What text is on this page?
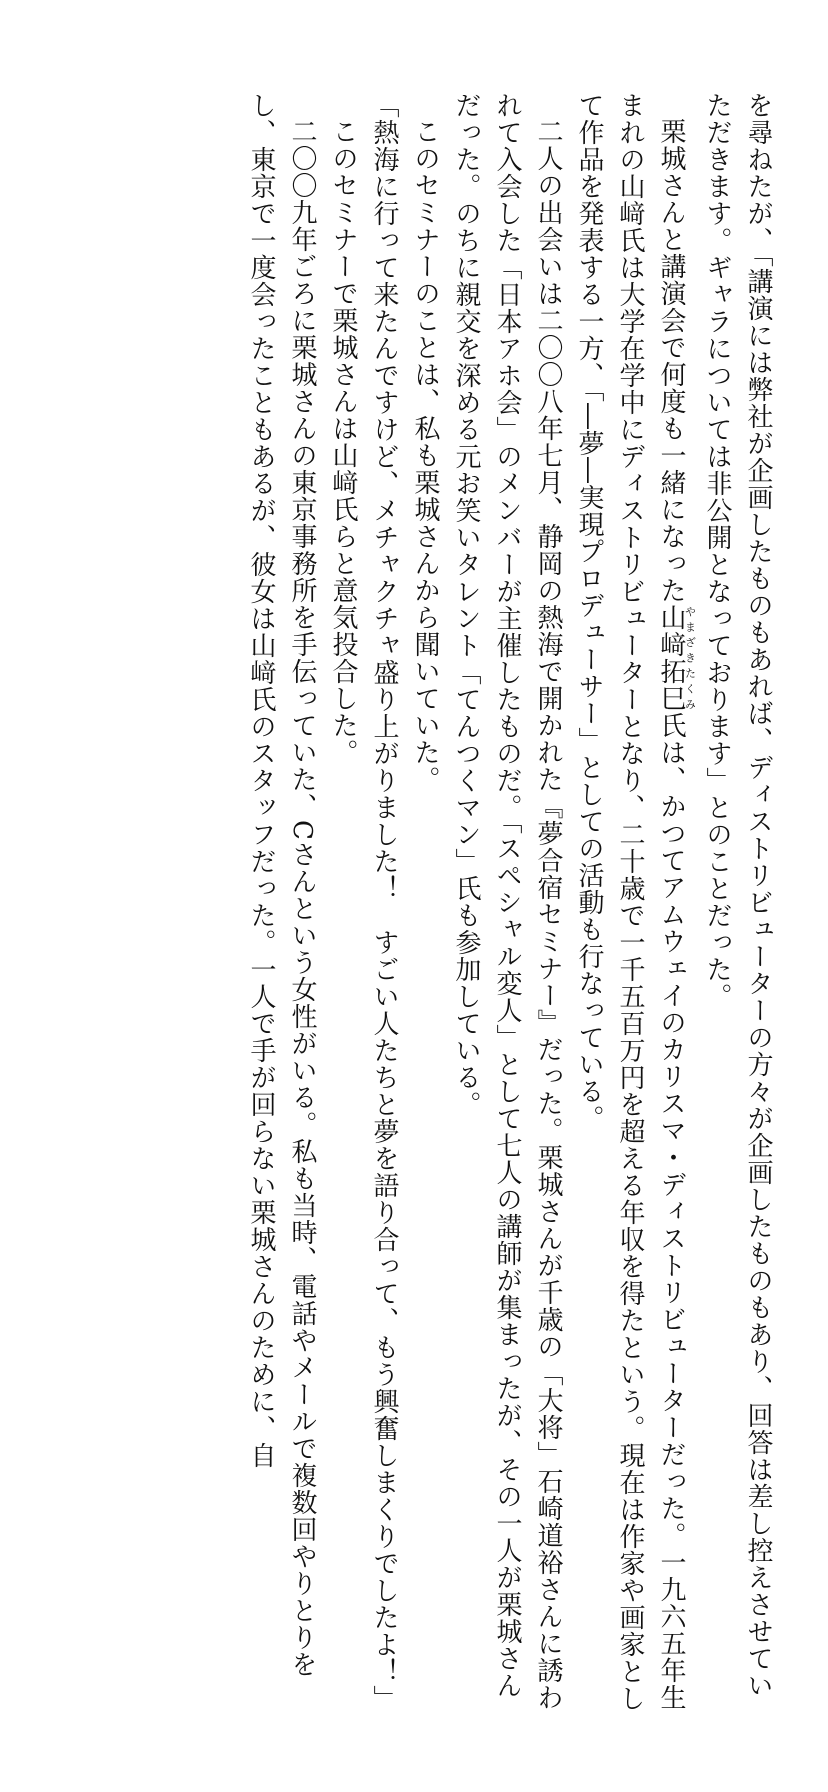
を尋ねたが、「講演には弊社が企画したものもあれば、ディストリビューターの方々が企画したものもあり、回答は差し控えさせていただきます。ギャラについては非公開となっております」とのことだった。

栗城さんと講演会で何度も一緒になった山﨑拓巳やまざきたくみ氏は、かつてアムウェイのカリスマ・ディストリビューターだった。一九六五年生まれの山﨑氏は大学在学中にディストリビューターとなり、二十歳で一千五百万円を超える年収を得たという。現在は作家や画家として作品を発表する一方、「―夢―実現プロデューサー」としての活動も行なっている。

二人の出会いは二〇〇八年七月、静岡の熱海で開かれた『夢合宿セミナー』だった。栗城さんが千歳の「大将」石崎道裕さんに誘われて入会した「日本アホ会」のメンバーが主催したものだ。「スペシャル変人」として七人の講師が集まったが、その一人が栗城さんだった。のちに親交を深める元お笑いタレント「てんつくマン」氏も参加している。

このセミナーのことは、私も栗城さんから聞いていた。

「熱海に行って来たんですけど、メチャクチャ盛り上がりました！　すごい人たちと夢を語り合って、もう興奮しまくりでしたよ！」

このセミナーで栗城さんは山﨑氏らと意気投合した。

二〇〇九年ごろに栗城さんの東京事務所を手伝っていた、Cさんという女性がいる。私も当時、電話やメールで複数回やりとりをし、東京で一度会ったこともあるが、彼女は山﨑氏のスタッフだった。一人で手が回らない栗城さんのために、自
